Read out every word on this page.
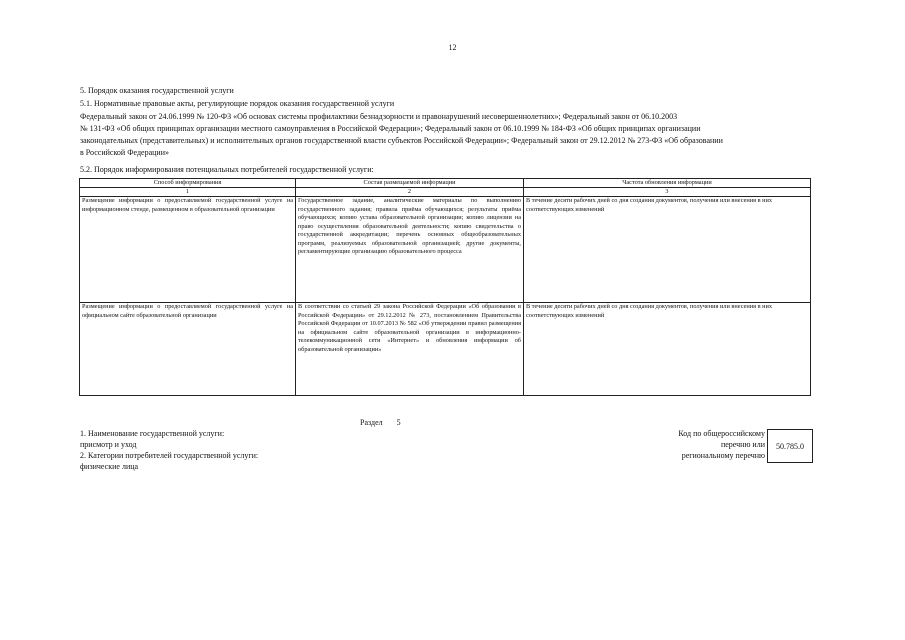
12
5. Порядок оказания государственной услуги
5.1. Нормативные правовые акты, регулирующие порядок оказания государственной услуги
Федеральный закон от 24.06.1999 № 120-ФЗ «Об основах системы профилактики безнадзорности и правонарушений несовершеннолетних»; Федеральный закон от 06.10.2003
№ 131-ФЗ «Об общих принципах организации местного самоуправления в Российской Федерации»; Федеральный закон от 06.10.1999 № 184-ФЗ «Об общих принципах организации
законодательных (представительных) и исполнительных органов государственной власти субъектов Российской Федерации»; Федеральный закон от 29.12.2012 № 273-ФЗ «Об образовании
в Российской Федерации»
5.2. Порядок информирования потенциальных потребителей государственной услуги:
Способ информирования	Состав размещаемой информации	Частота обновления информации
1	2	3
Размещение информации о предоставляемой государственной услуге на информационном стенде, размещенном в образовательной организации	Государственное задание, аналитические материалы по выполнению государственного задания; правила приёма обучающихся; результаты приёма обучающихся; копию устава образовательной организации; копию лицензии на право осуществления образовательной деятельности; копию свидетельства о государственной аккредитации; перечень основных общеобразовательных программ, реализуемых образовательной организацией; другие документы, регламентирующие организацию образовательного процесса	В течение десяти рабочих дней со дня создания документов, получения или внесения в них соответствующих изменений
Размещение информации о предоставляемой государственной услуге на официальном сайте образовательной организации	В соответствии со статьей 29 закона Российской Федерации «Об образовании в Российской Федерации» от 29.12.2012 № 273, постановлением Правительства Российской Федерации от 10.07.2013 № 582 «Об утверждении правил размещения на официальном сайте образовательной организации в информационно-телекоммуникационной сети «Интернет» и обновления информации об образовательной организации»	В течение десяти рабочих дней со дня создания документов, получения или внесения в них соответствующих изменений
Раздел 5
1. Наименование государственной услуги:
присмотр и уход
2. Категории потребителей государственной услуги:
физические лица
Код по общероссийскому
перечню или
региональному перечню
50.785.0
